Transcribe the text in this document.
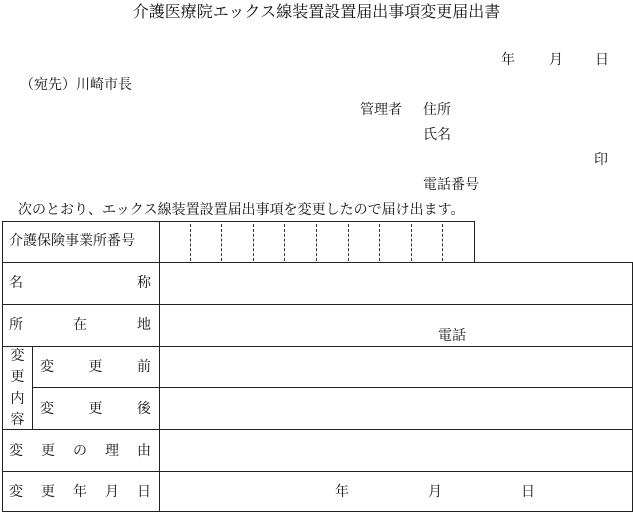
介護医療院エックス線装置設置届出事項変更届出書
年 月 日
（宛先）川崎市長
管理者 住所
氏名
印
電話番号
次のとおり、エックス線装置設置届出事項を変更したので届け出ます。
介護保険事業所番号
名	称
所	在	地
電話
変
更
内
容
変 更 前
変 更 後
変 更 の 理 由
変 更 年 月 日	年	月	日
